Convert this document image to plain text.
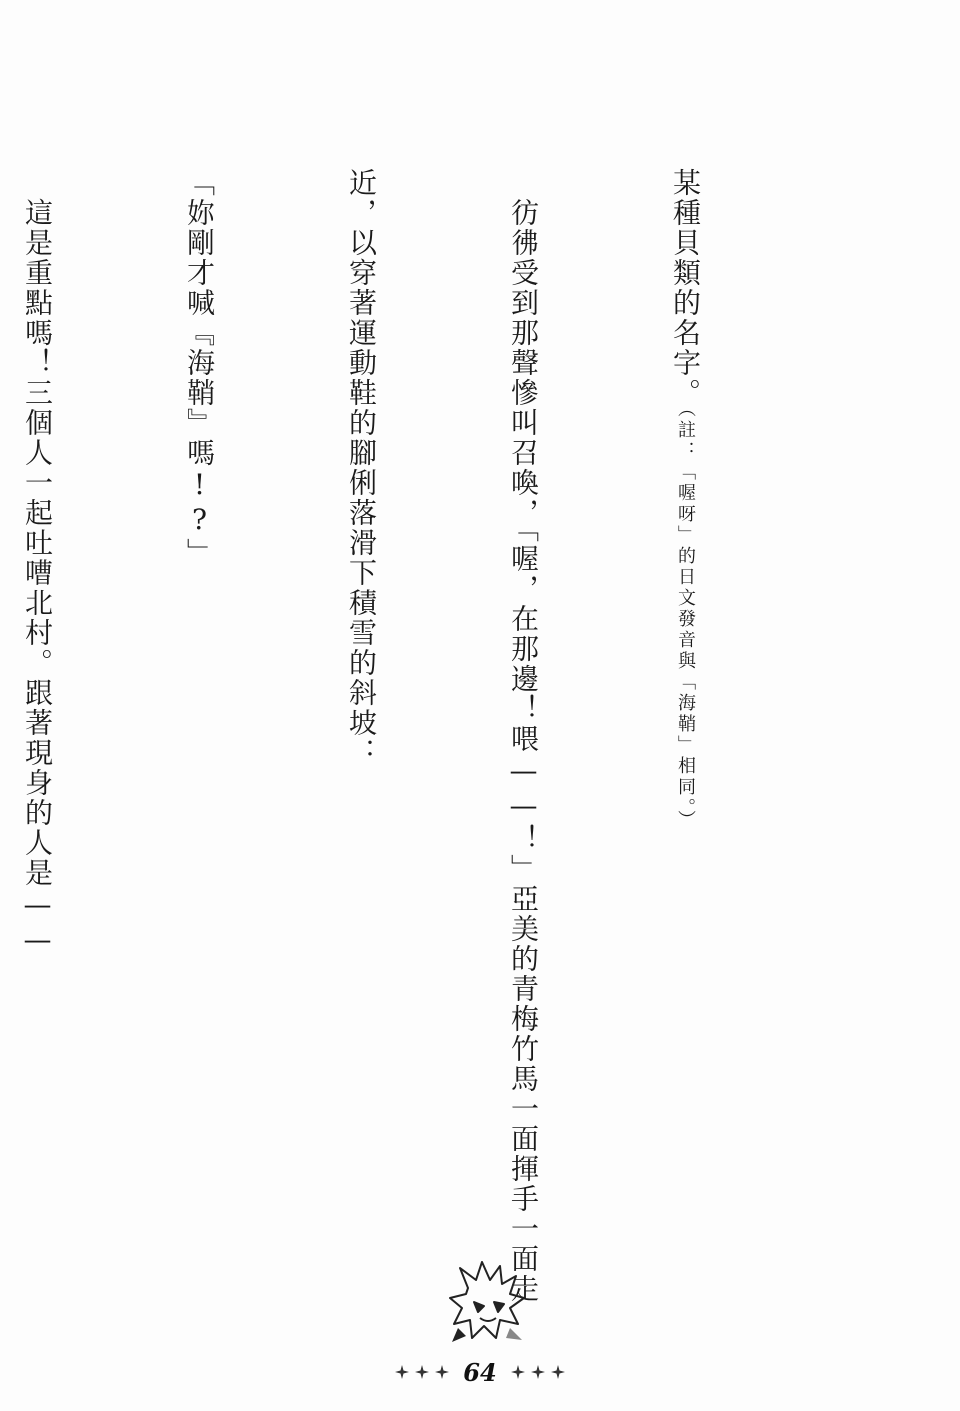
某種貝類的名字。（註：「喔呀」的日文發音與「海鞘」相同。）

　彷彿受到那聲慘叫召喚，「喔，在那邊！喂——！」亞美的青梅竹馬一面揮手一面走

近，以穿著運動鞋的腳俐落滑下積雪的斜坡：

「妳剛才喊『海鞘』嗎!?」

　這是重點嗎！三個人一起吐嘈北村。跟著現身的人是——

64
